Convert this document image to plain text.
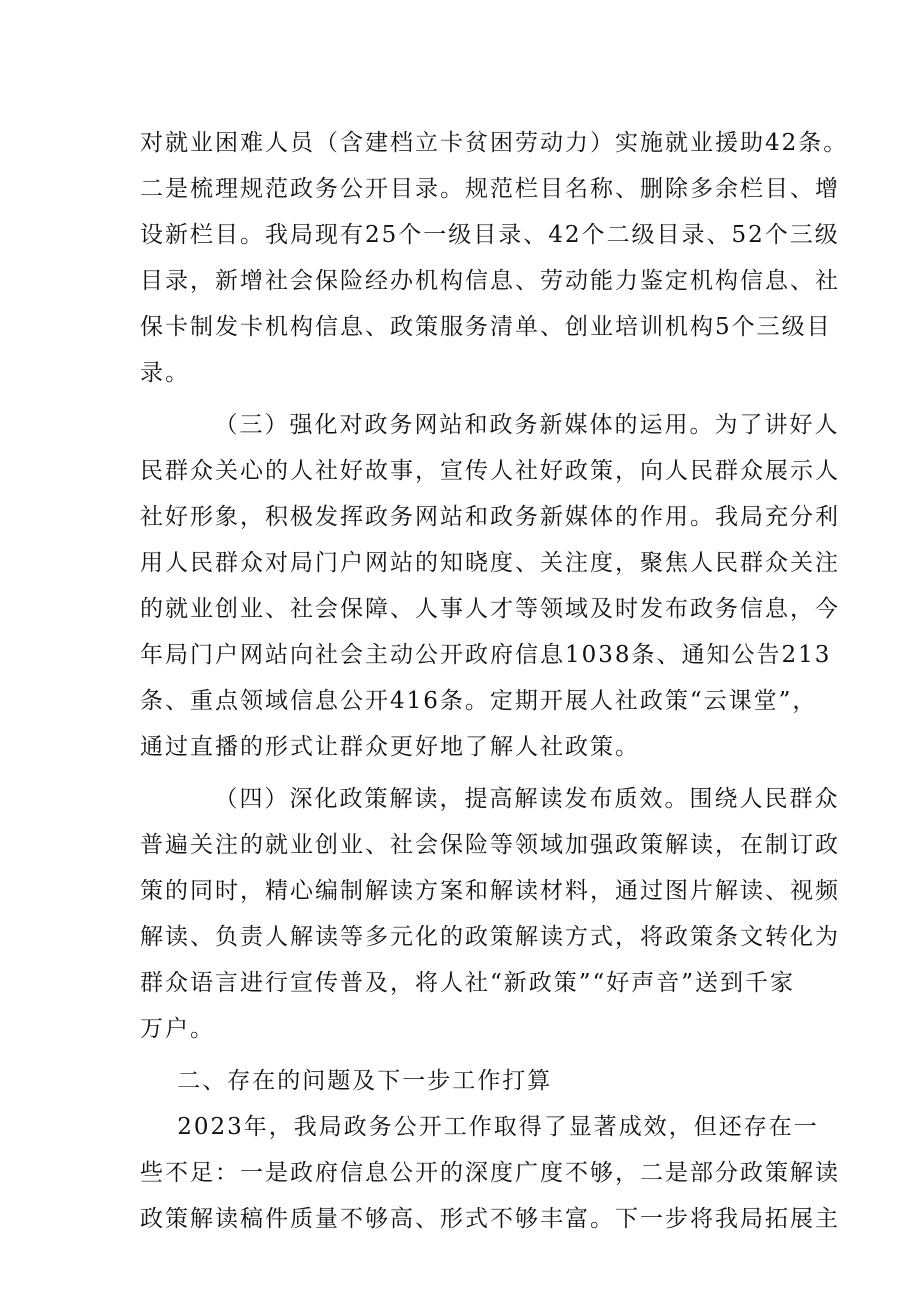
对就业困难人员（含建档立卡贫困劳动力）实施就业援助42条。
二是梳理规范政务公开目录。规范栏目名称、删除多余栏目、增
设新栏目。我局现有25个一级目录、42个二级目录、52个三级
目录，新增社会保险经办机构信息、劳动能力鉴定机构信息、社
保卡制发卡机构信息、政策服务清单、创业培训机构5个三级目
录。
（三）强化对政务网站和政务新媒体的运用。为了讲好人
民群众关心的人社好故事，宣传人社好政策，向人民群众展示人
社好形象，积极发挥政务网站和政务新媒体的作用。我局充分利
用人民群众对局门户网站的知晓度、关注度，聚焦人民群众关注
的就业创业、社会保障、人事人才等领域及时发布政务信息，今
年局门户网站向社会主动公开政府信息1038条、通知公告213
条、重点领域信息公开416条。定期开展人社政策“云课堂”，
通过直播的形式让群众更好地了解人社政策。
（四）深化政策解读，提高解读发布质效。围绕人民群众
普遍关注的就业创业、社会保险等领域加强政策解读，在制订政
策的同时，精心编制解读方案和解读材料，通过图片解读、视频
解读、负责人解读等多元化的政策解读方式，将政策条文转化为
群众语言进行宣传普及，将人社“新政策”“好声音”送到千家
万户。
二、存在的问题及下一步工作打算
2023年，我局政务公开工作取得了显著成效，但还存在一
些不足：一是政府信息公开的深度广度不够，二是部分政策解读
政策解读稿件质量不够高、形式不够丰富。下一步将我局拓展主
